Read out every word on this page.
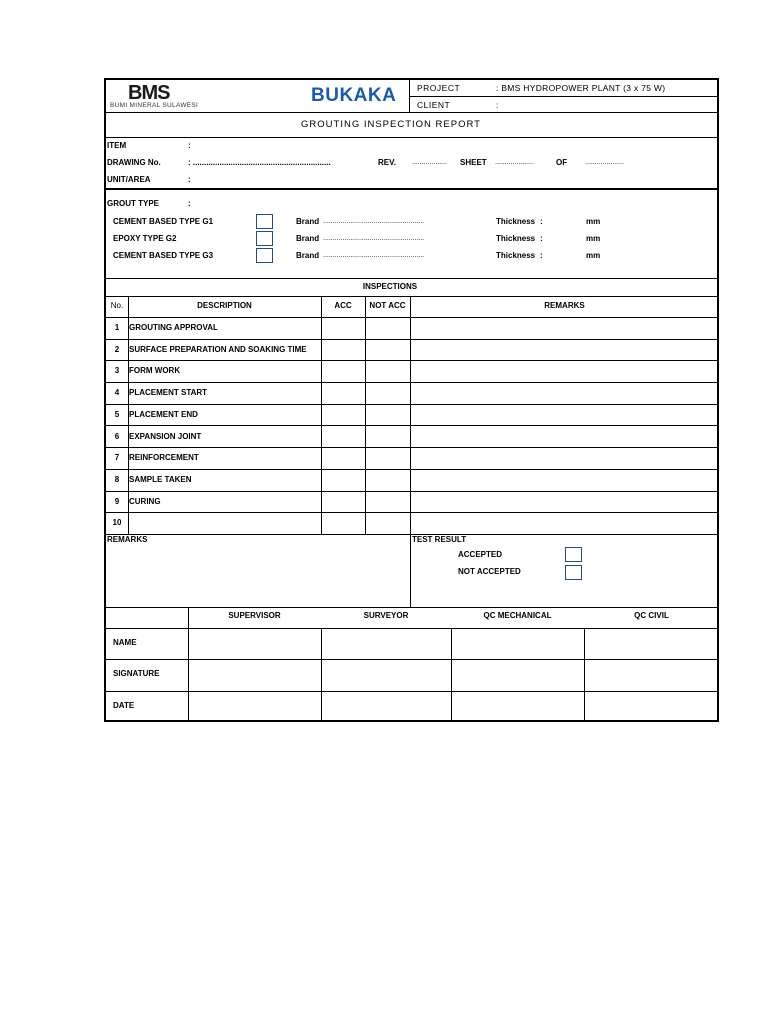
BMS
BUMI MINERAL SULAWESI	BUKAKA PROJECT	: BMS HYDROPOWER PLANT (3 x 75 W)
CLIENT	:
GROUTING INSPECTION REPORT
ITEM	:
DRAWING No.	: ..............................................................	REV. .................. SHEET ....................	OF	....................
UNIT/AREA	:
GROUT TYPE	:
CEMENT BASED TYPE G1	Brand ....................................................	Thickness :	mm
EPOXY TYPE G2	Brand ....................................................	Thickness :	mm
CEMENT BASED TYPE G3	Brand ....................................................	Thickness :	mm
INSPECTIONS
No.	DESCRIPTION	ACC	NOT ACC	REMARKS
1	GROUTING APPROVAL
2	SURFACE PREPARATION AND SOAKING TIME
3	FORM WORK
4	PLACEMENT START
5	PLACEMENT END
6	EXPANSION JOINT
7	REINFORCEMENT
8	SAMPLE TAKEN
9	CURING
10
REMARKS	TEST RESULT
ACCEPTED
NOT ACCEPTED
SUPERVISOR	SURVEYOR	QC MECHANICAL	QC CIVIL
NAME
SIGNATURE
DATE
